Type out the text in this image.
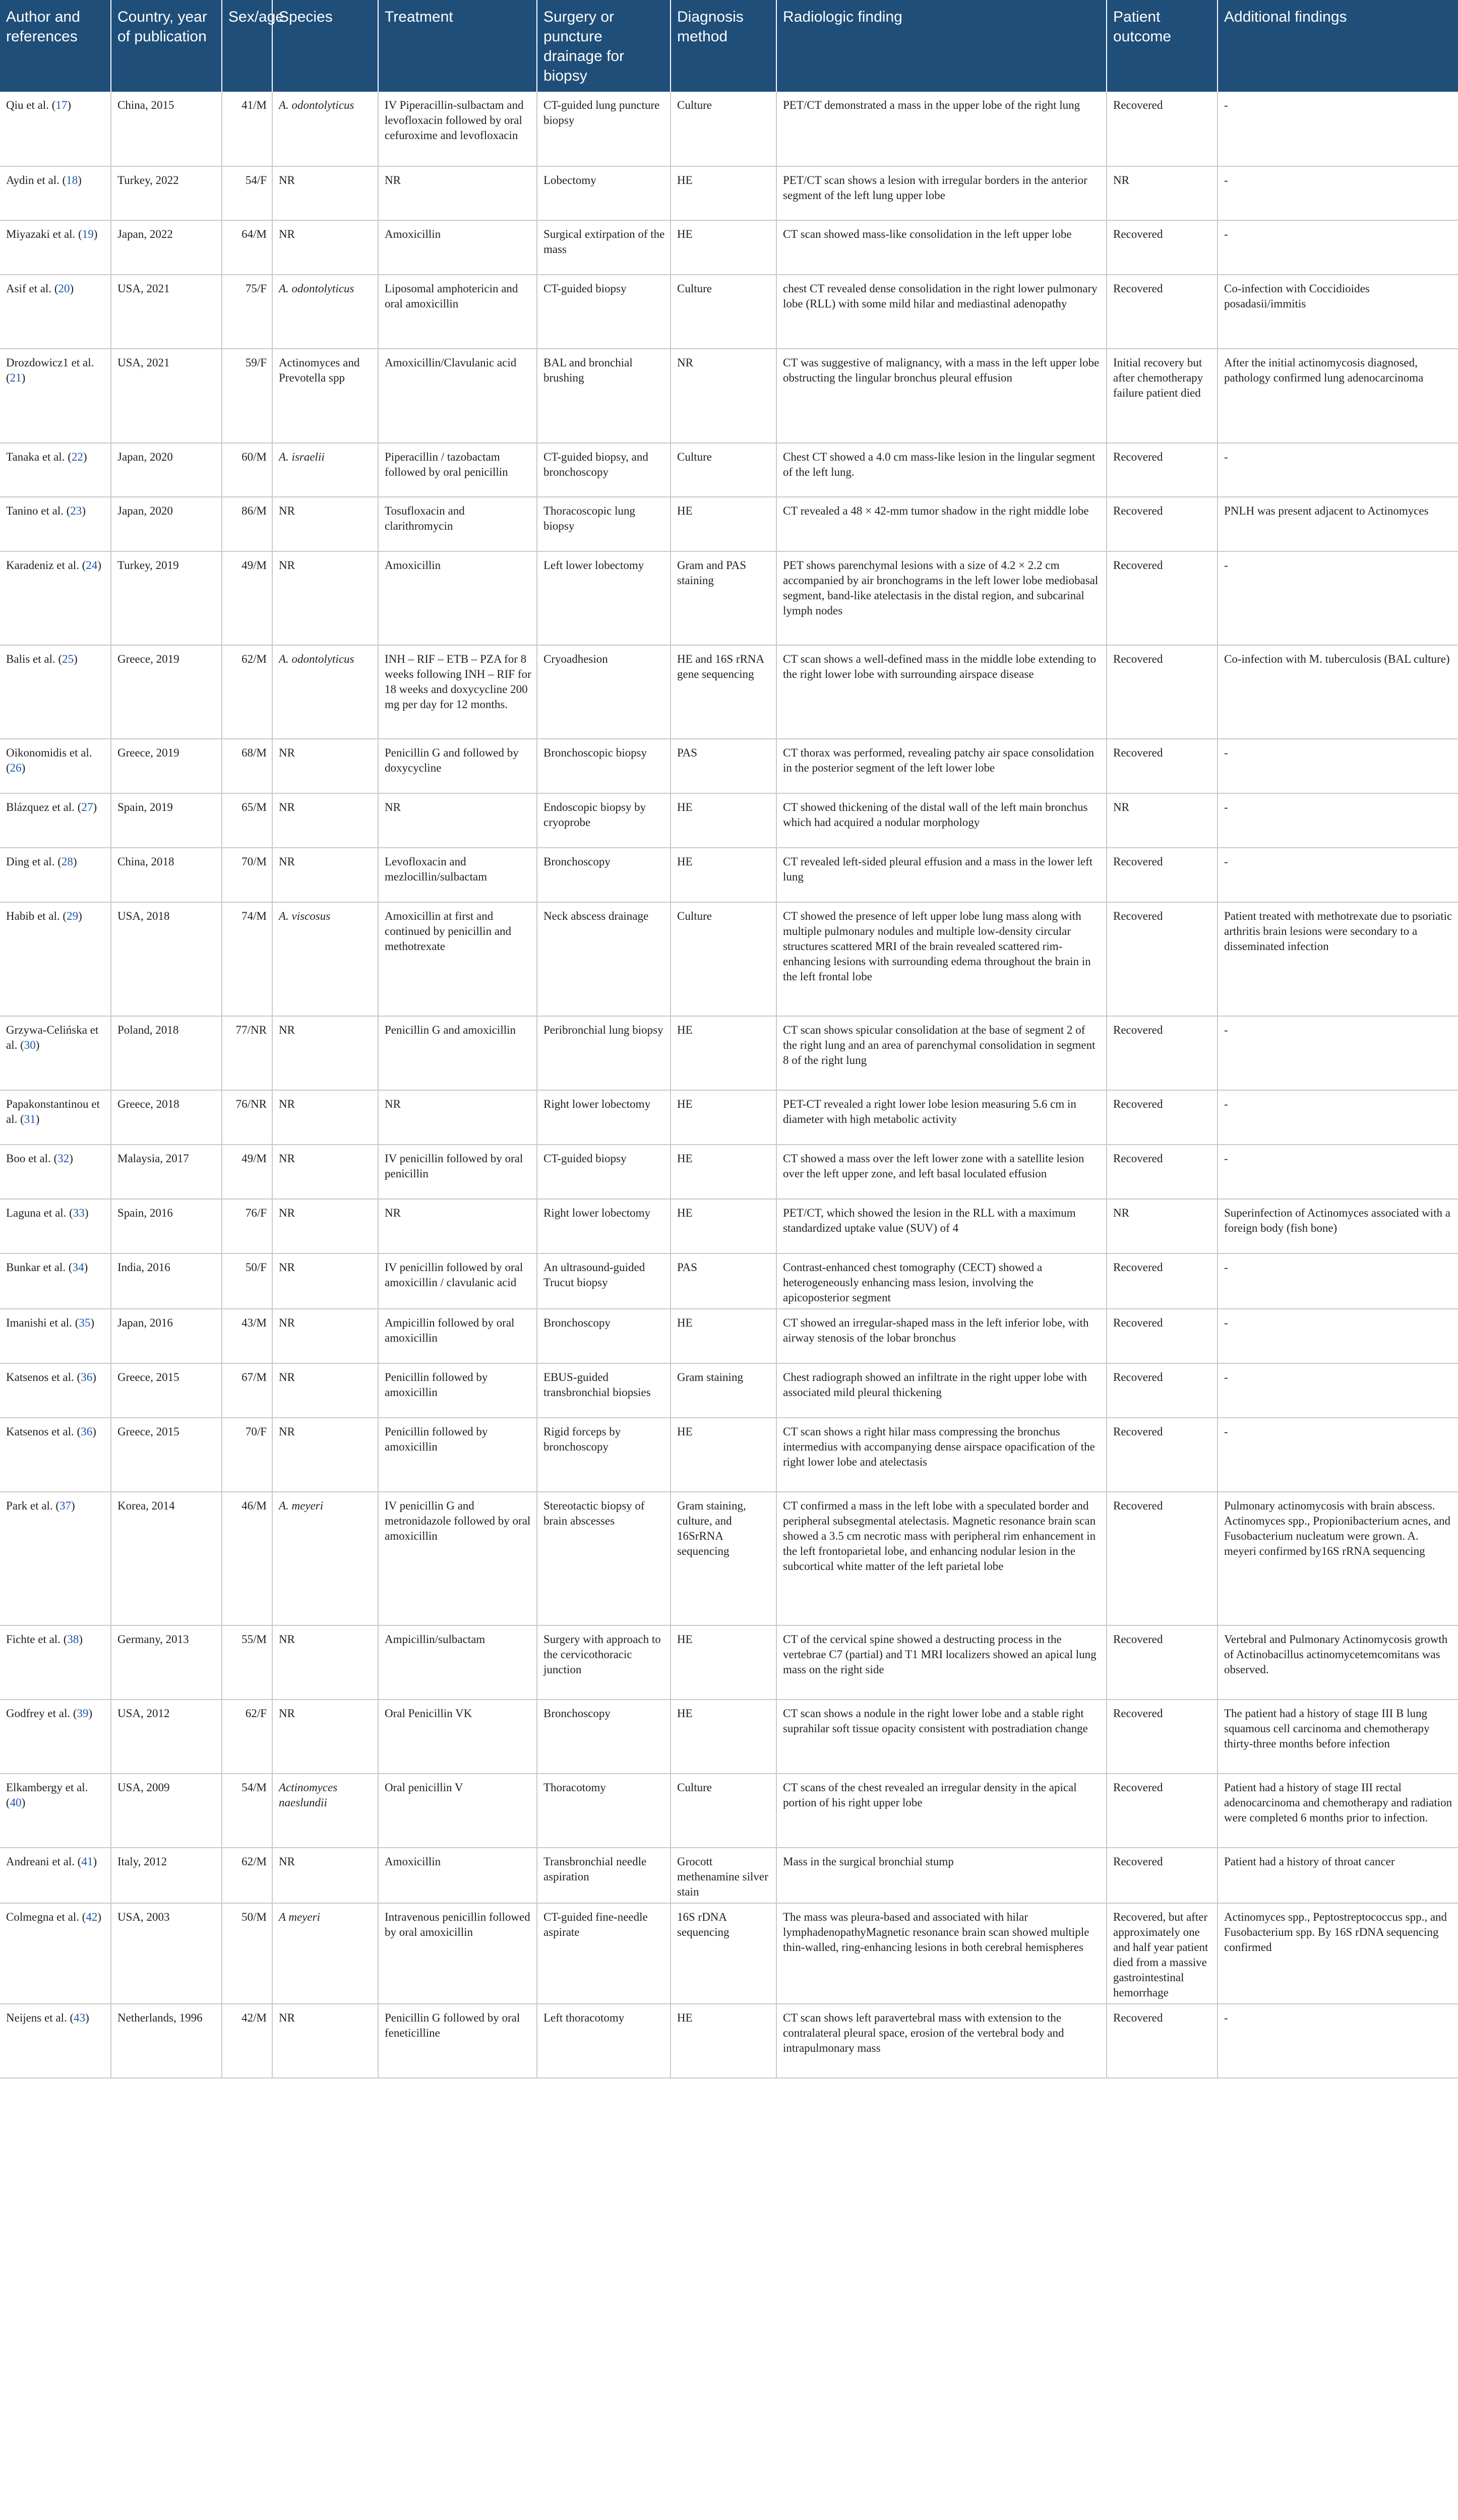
Author and references	Country, year of publication	Sex/age	Species	Treatment	Surgery or puncture drainage for biopsy	Diagnosis method	Radiologic finding	Patient outcome	Additional findings
Qiu et al. (17)	China, 2015	41/M	A. odontolyticus	IV Piperacillin-sulbactam and levofloxacin followed by oral cefuroxime and levofloxacin	CT-guided lung puncture biopsy	Culture	PET/CT demonstrated a mass in the upper lobe of the right lung	Recovered	-
Aydin et al. (18)	Turkey, 2022	54/F	NR	NR	Lobectomy	HE	PET/CT scan shows a lesion with irregular borders in the anterior segment of the left lung upper lobe	NR	-
Miyazaki et al. (19)	Japan, 2022	64/M	NR	Amoxicillin	Surgical extirpation of the mass	HE	CT scan showed mass-like consolidation in the left upper lobe	Recovered	-
Asif et al. (20)	USA, 2021	75/F	A. odontolyticus	Liposomal amphotericin and oral amoxicillin	CT-guided biopsy	Culture	chest CT revealed dense consolidation in the right lower pulmonary lobe (RLL) with some mild hilar and mediastinal adenopathy	Recovered	Co-infection with Coccidioides posadasii/immitis
Drozdowicz1 et al. (21)	USA, 2021	59/F	Actinomyces and Prevotella spp	Amoxicillin/Clavulanic acid	BAL and bronchial brushing	NR	CT was suggestive of malignancy, with a mass in the left upper lobe obstructing the lingular bronchus pleural effusion	Initial recovery but after chemotherapy failure patient died	After the initial actinomycosis diagnosed, pathology confirmed lung adenocarcinoma
Tanaka et al. (22)	Japan, 2020	60/M	A. israelii	Piperacillin / tazobactam followed by oral penicillin	CT-guided biopsy, and bronchoscopy	Culture	Chest CT showed a 4.0 cm mass-like lesion in the lingular segment of the left lung.	Recovered	-
Tanino et al. (23)	Japan, 2020	86/M	NR	Tosufloxacin and clarithromycin	Thoracoscopic lung biopsy	HE	CT revealed a 48 × 42-mm tumor shadow in the right middle lobe	Recovered	PNLH was present adjacent to Actinomyces
Karadeniz et al. (24)	Turkey, 2019	49/M	NR	Amoxicillin	Left lower lobectomy	Gram and PAS staining	PET shows parenchymal lesions with a size of 4.2 × 2.2 cm accompanied by air bronchograms in the left lower lobe mediobasal segment, band-like atelectasis in the distal region, and subcarinal lymph nodes	Recovered	-
Balis et al. (25)	Greece, 2019	62/M	A. odontolyticus	INH – RIF – ETB – PZA for 8 weeks following INH – RIF for 18 weeks and doxycycline 200 mg per day for 12 months.	Cryoadhesion	HE and 16S rRNA gene sequencing	CT scan shows a well-defined mass in the middle lobe extending to the right lower lobe with surrounding airspace disease	Recovered	Co-infection with M. tuberculosis (BAL culture)
Oikonomidis et al. (26)	Greece, 2019	68/M	NR	Penicillin G and followed by doxycycline	Bronchoscopic biopsy	PAS	CT thorax was performed, revealing patchy air space consolidation in the posterior segment of the left lower lobe	Recovered	-
Blázquez et al. (27)	Spain, 2019	65/M	NR	NR	Endoscopic biopsy by cryoprobe	HE	CT showed thickening of the distal wall of the left main bronchus which had acquired a nodular morphology	NR	-
Ding et al. (28)	China, 2018	70/M	NR	Levofloxacin and mezlocillin/sulbactam	Bronchoscopy	HE	CT revealed left-sided pleural effusion and a mass in the lower left lung	Recovered	-
Habib et al. (29)	USA, 2018	74/M	A. viscosus	Amoxicillin at first and continued by penicillin and methotrexate	Neck abscess drainage	Culture	CT showed the presence of left upper lobe lung mass along with multiple pulmonary nodules and multiple low-density circular structures scattered MRI of the brain revealed scattered rim-enhancing lesions with surrounding edema throughout the brain in the left frontal lobe	Recovered	Patient treated with methotrexate due to psoriatic arthritis brain lesions were secondary to a disseminated infection
Grzywa-Celińska et al. (30)	Poland, 2018	77/NR	NR	Penicillin G and amoxicillin	Peribronchial lung biopsy	HE	CT scan shows spicular consolidation at the base of segment 2 of the right lung and an area of parenchymal consolidation in segment 8 of the right lung	Recovered	-
Papakonstantinou et al. (31)	Greece, 2018	76/NR	NR	NR	Right lower lobectomy	HE	PET-CT revealed a right lower lobe lesion measuring 5.6 cm in diameter with high metabolic activity	Recovered	-
Boo et al. (32)	Malaysia, 2017	49/M	NR	IV penicillin followed by oral penicillin	CT-guided biopsy	HE	CT showed a mass over the left lower zone with a satellite lesion over the left upper zone, and left basal loculated effusion	Recovered	-
Laguna et al. (33)	Spain, 2016	76/F	NR	NR	Right lower lobectomy	HE	PET/CT, which showed the lesion in the RLL with a maximum standardized uptake value (SUV) of 4	NR	Superinfection of Actinomyces associated with a foreign body (fish bone)
Bunkar et al. (34)	India, 2016	50/F	NR	IV penicillin followed by oral amoxicillin / clavulanic acid	An ultrasound-guided Trucut biopsy	PAS	Contrast-enhanced chest tomography (CECT) showed a heterogeneously enhancing mass lesion, involving the apicoposterior segment	Recovered	-
Imanishi et al. (35)	Japan, 2016	43/M	NR	Ampicillin followed by oral amoxicillin	Bronchoscopy	HE	CT showed an irregular-shaped mass in the left inferior lobe, with airway stenosis of the lobar bronchus	Recovered	-
Katsenos et al. (36)	Greece, 2015	67/M	NR	Penicillin followed by amoxicillin	EBUS-guided transbronchial biopsies	Gram staining	Chest radiograph showed an infiltrate in the right upper lobe with associated mild pleural thickening	Recovered	-
Katsenos et al. (36)	Greece, 2015	70/F	NR	Penicillin followed by amoxicillin	Rigid forceps by bronchoscopy	HE	CT scan shows a right hilar mass compressing the bronchus intermedius with accompanying dense airspace opacification of the right lower lobe and atelectasis	Recovered	-
Park et al. (37)	Korea, 2014	46/M	A. meyeri	IV penicillin G and metronidazole followed by oral amoxicillin	Stereotactic biopsy of brain abscesses	Gram staining, culture, and 16SrRNA sequencing	CT confirmed a mass in the left lobe with a speculated border and peripheral subsegmental atelectasis. Magnetic resonance brain scan showed a 3.5 cm necrotic mass with peripheral rim enhancement in the left frontoparietal lobe, and enhancing nodular lesion in the subcortical white matter of the left parietal lobe	Recovered	Pulmonary actinomycosis with brain abscess. Actinomyces spp., Propionibacterium acnes, and Fusobacterium nucleatum were grown. A. meyeri confirmed by16S rRNA sequencing
Fichte et al. (38)	Germany, 2013	55/M	NR	Ampicillin/sulbactam	Surgery with approach to the cervicothoracic junction	HE	CT of the cervical spine showed a destructing process in the vertebrae C7 (partial) and T1 MRI localizers showed an apical lung mass on the right side	Recovered	Vertebral and Pulmonary Actinomycosis growth of Actinobacillus actinomycetemcomitans was observed.
Godfrey et al. (39)	USA, 2012	62/F	NR	Oral Penicillin VK	Bronchoscopy	HE	CT scan shows a nodule in the right lower lobe and a stable right suprahilar soft tissue opacity consistent with postradiation change	Recovered	The patient had a history of stage III B lung squamous cell carcinoma and chemotherapy thirty-three months before infection
Elkambergy et al. (40)	USA, 2009	54/M	Actinomyces naeslundii	Oral penicillin V	Thoracotomy	Culture	CT scans of the chest revealed an irregular density in the apical portion of his right upper lobe	Recovered	Patient had a history of stage III rectal adenocarcinoma and chemotherapy and radiation were completed 6 months prior to infection.
Andreani et al. (41)	Italy, 2012	62/M	NR	Amoxicillin	Transbronchial needle aspiration	Grocott methenamine silver stain	Mass in the surgical bronchial stump	Recovered	Patient had a history of throat cancer
Colmegna et al. (42)	USA, 2003	50/M	A meyeri	Intravenous penicillin followed by oral amoxicillin	CT-guided fine-needle aspirate	16S rDNA sequencing	The mass was pleura-based and associated with hilar lymphadenopathyMagnetic resonance brain scan showed multiple thin-walled, ring-enhancing lesions in both cerebral hemispheres	Recovered, but after approximately one and half year patient died from a massive gastrointestinal hemorrhage	Actinomyces spp., Peptostreptococcus spp., and Fusobacterium spp. By 16S rDNA sequencing confirmed
Neijens et al. (43)	Netherlands, 1996	42/M	NR	Penicillin G followed by oral feneticilline	Left thoracotomy	HE	CT scan shows left paravertebral mass with extension to the contralateral pleural space, erosion of the vertebral body and intrapulmonary mass	Recovered	-
